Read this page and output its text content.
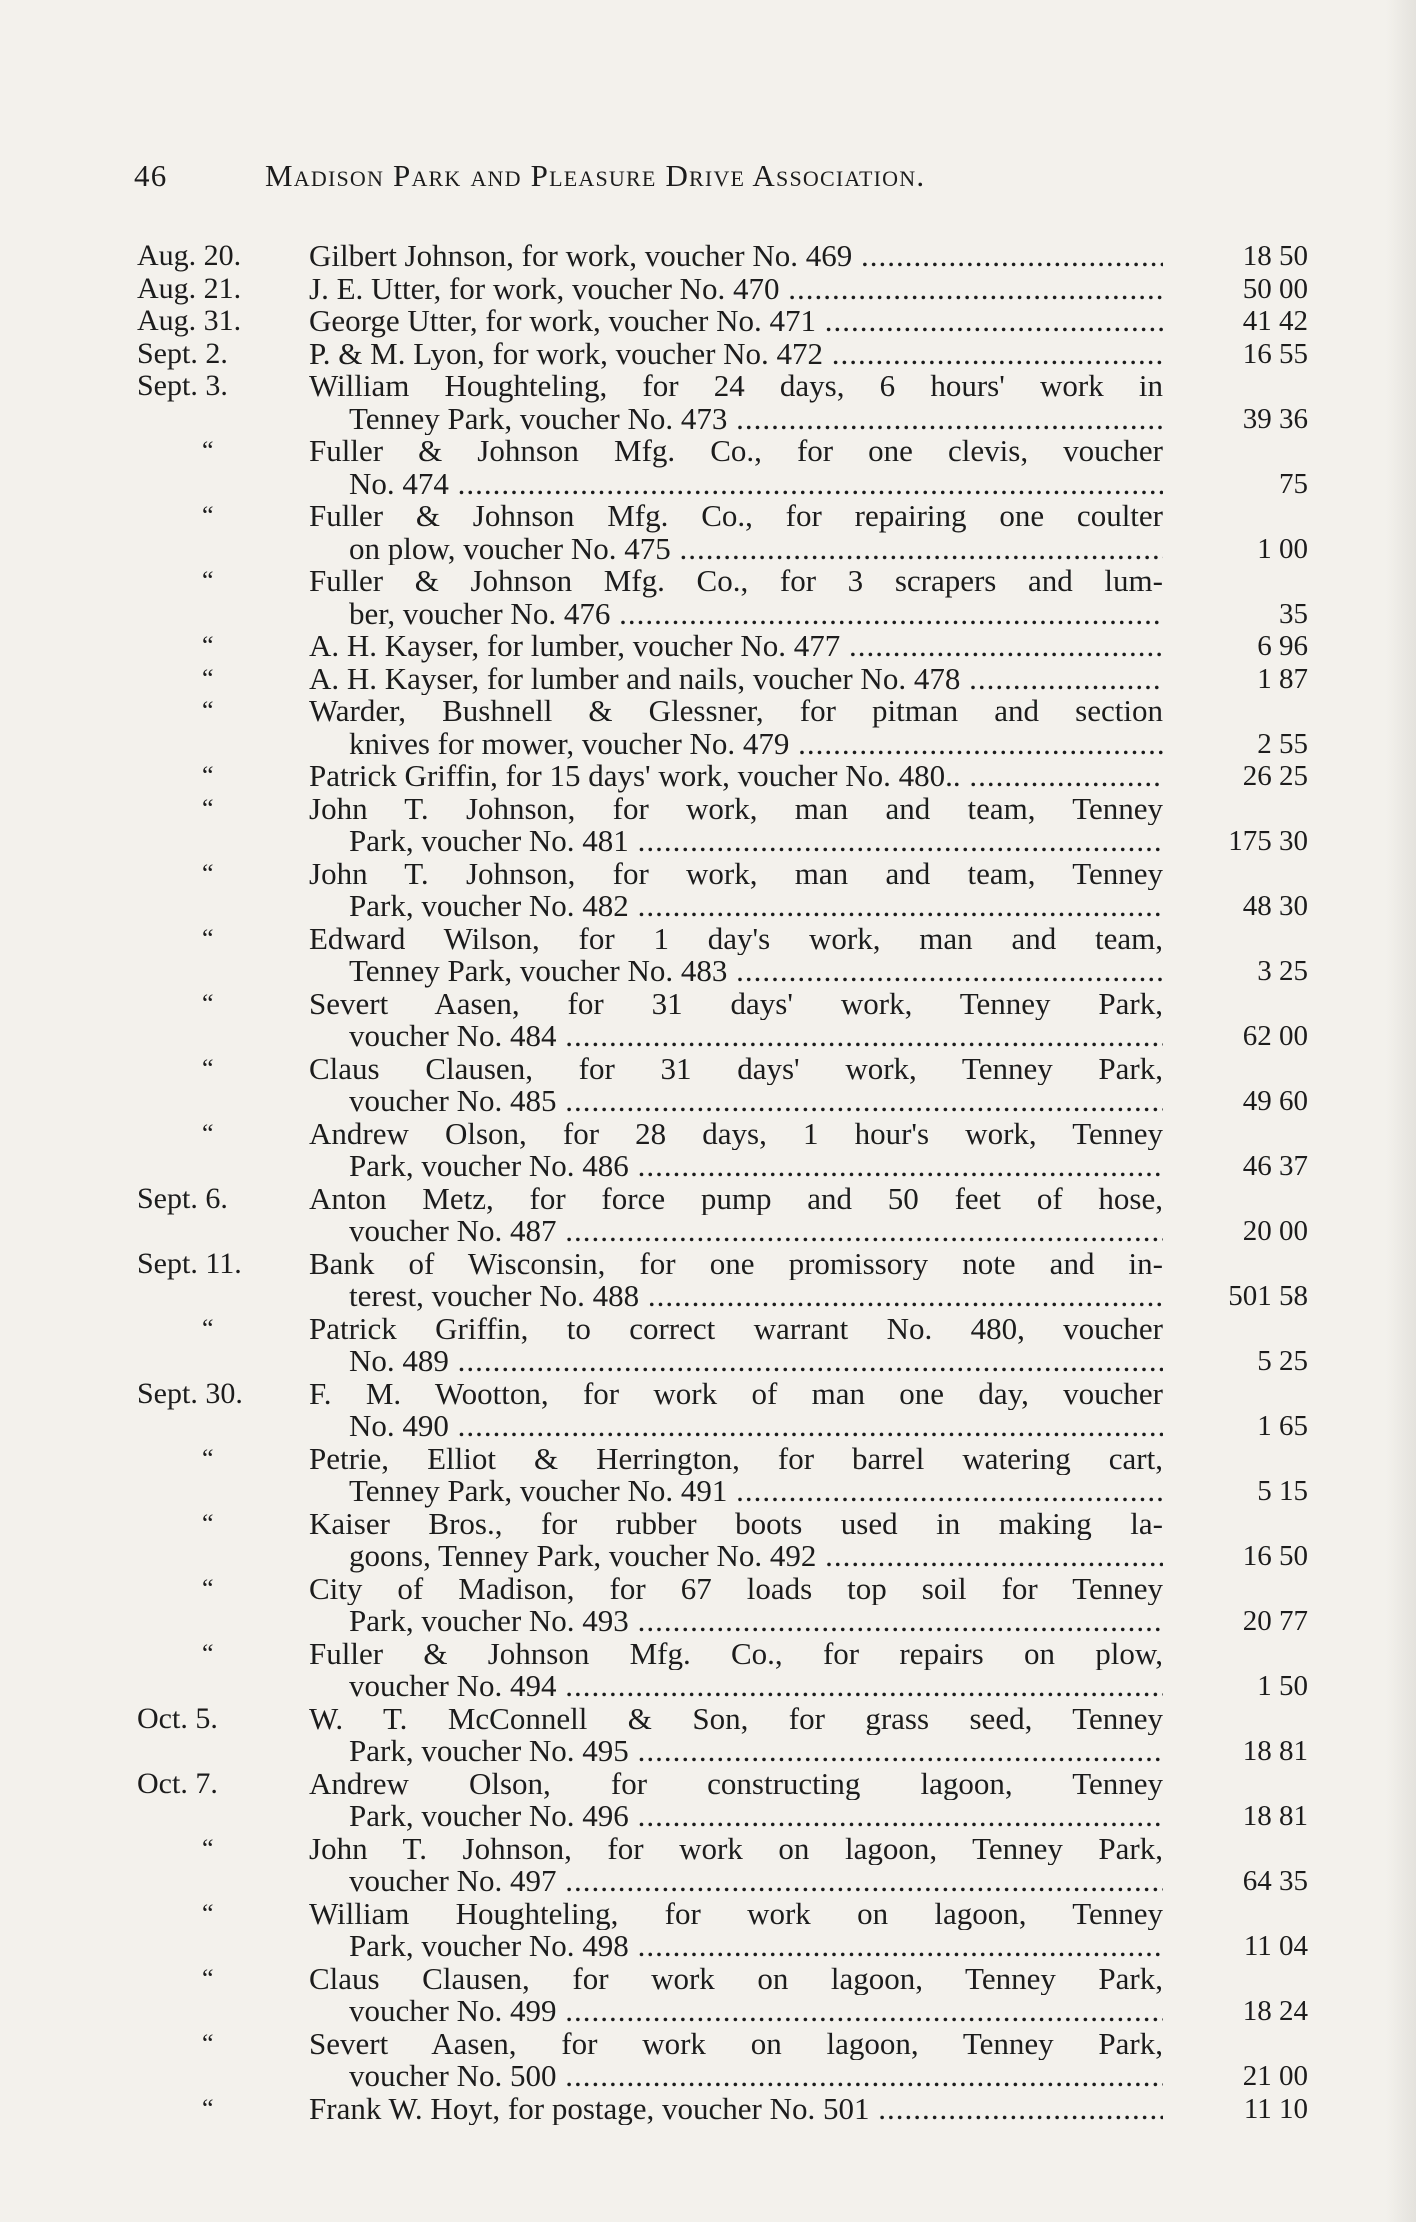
46	Madison Park and Pleasure Drive Association.
Aug. 20.	Gilbert Johnson, for work, voucher No. 469 .....	18 50
Aug. 21.	J. E. Utter, for work, voucher No. 470 .....	50 00
Aug. 31.	George Utter, for work, voucher No. 471 .....	41 42
Sept. 2.	P. & M. Lyon, for work, voucher No. 472 .....	16 55
Sept. 3.	William Houghteling, for 24 days, 6 hours' work in
Tenney Park, voucher No. 473 .....	39 36
“	Fuller & Johnson Mfg. Co., for one clevis, voucher
No. 474 .....	75
“	Fuller & Johnson Mfg. Co., for repairing one coulter
on plow, voucher No. 475 .....	1 00
“	Fuller & Johnson Mfg. Co., for 3 scrapers and lum-
ber, voucher No. 476 .....	35
“	A. H. Kayser, for lumber, voucher No. 477 .....	6 96
“	A. H. Kayser, for lumber and nails, voucher No. 478 .....	1 87
“	Warder, Bushnell & Glessner, for pitman and section
knives for mower, voucher No. 479 .....	2 55
“	Patrick Griffin, for 15 days' work, voucher No. 480.. .....	26 25
“	John T. Johnson, for work, man and team, Tenney
Park, voucher No. 481 .....	175 30
“	John T. Johnson, for work, man and team, Tenney
Park, voucher No. 482 .....	48 30
“	Edward Wilson, for 1 day's work, man and team,
Tenney Park, voucher No. 483 .....	3 25
“	Severt Aasen, for 31 days' work, Tenney Park,
voucher No. 484 .....	62 00
“	Claus Clausen, for 31 days' work, Tenney Park,
voucher No. 485 .....	49 60
“	Andrew Olson, for 28 days, 1 hour's work, Tenney
Park, voucher No. 486 .....	46 37
Sept. 6.	Anton Metz, for force pump and 50 feet of hose,
voucher No. 487 .....	20 00
Sept. 11.	Bank of Wisconsin, for one promissory note and in-
terest, voucher No. 488 .....	501 58
“	Patrick Griffin, to correct warrant No. 480, voucher
No. 489 .....	5 25
Sept. 30.	F. M. Wootton, for work of man one day, voucher
No. 490 .....	1 65
“	Petrie, Elliot & Herrington, for barrel watering cart,
Tenney Park, voucher No. 491 .....	5 15
“	Kaiser Bros., for rubber boots used in making la-
goons, Tenney Park, voucher No. 492 .....	16 50
“	City of Madison, for 67 loads top soil for Tenney
Park, voucher No. 493 .....	20 77
“	Fuller & Johnson Mfg. Co., for repairs on plow,
voucher No. 494 .....	1 50
Oct. 5.	W. T. McConnell & Son, for grass seed, Tenney
Park, voucher No. 495 .....	18 81
Oct. 7.	Andrew Olson, for constructing lagoon, Tenney
Park, voucher No. 496 .....	18 81
“	John T. Johnson, for work on lagoon, Tenney Park,
voucher No. 497 .....	64 35
“	William Houghteling, for work on lagoon, Tenney
Park, voucher No. 498 .....	11 04
“	Claus Clausen, for work on lagoon, Tenney Park,
voucher No. 499 .....	18 24
“	Severt Aasen, for work on lagoon, Tenney Park,
voucher No. 500 .....	21 00
“	Frank W. Hoyt, for postage, voucher No. 501 .....	11 10
